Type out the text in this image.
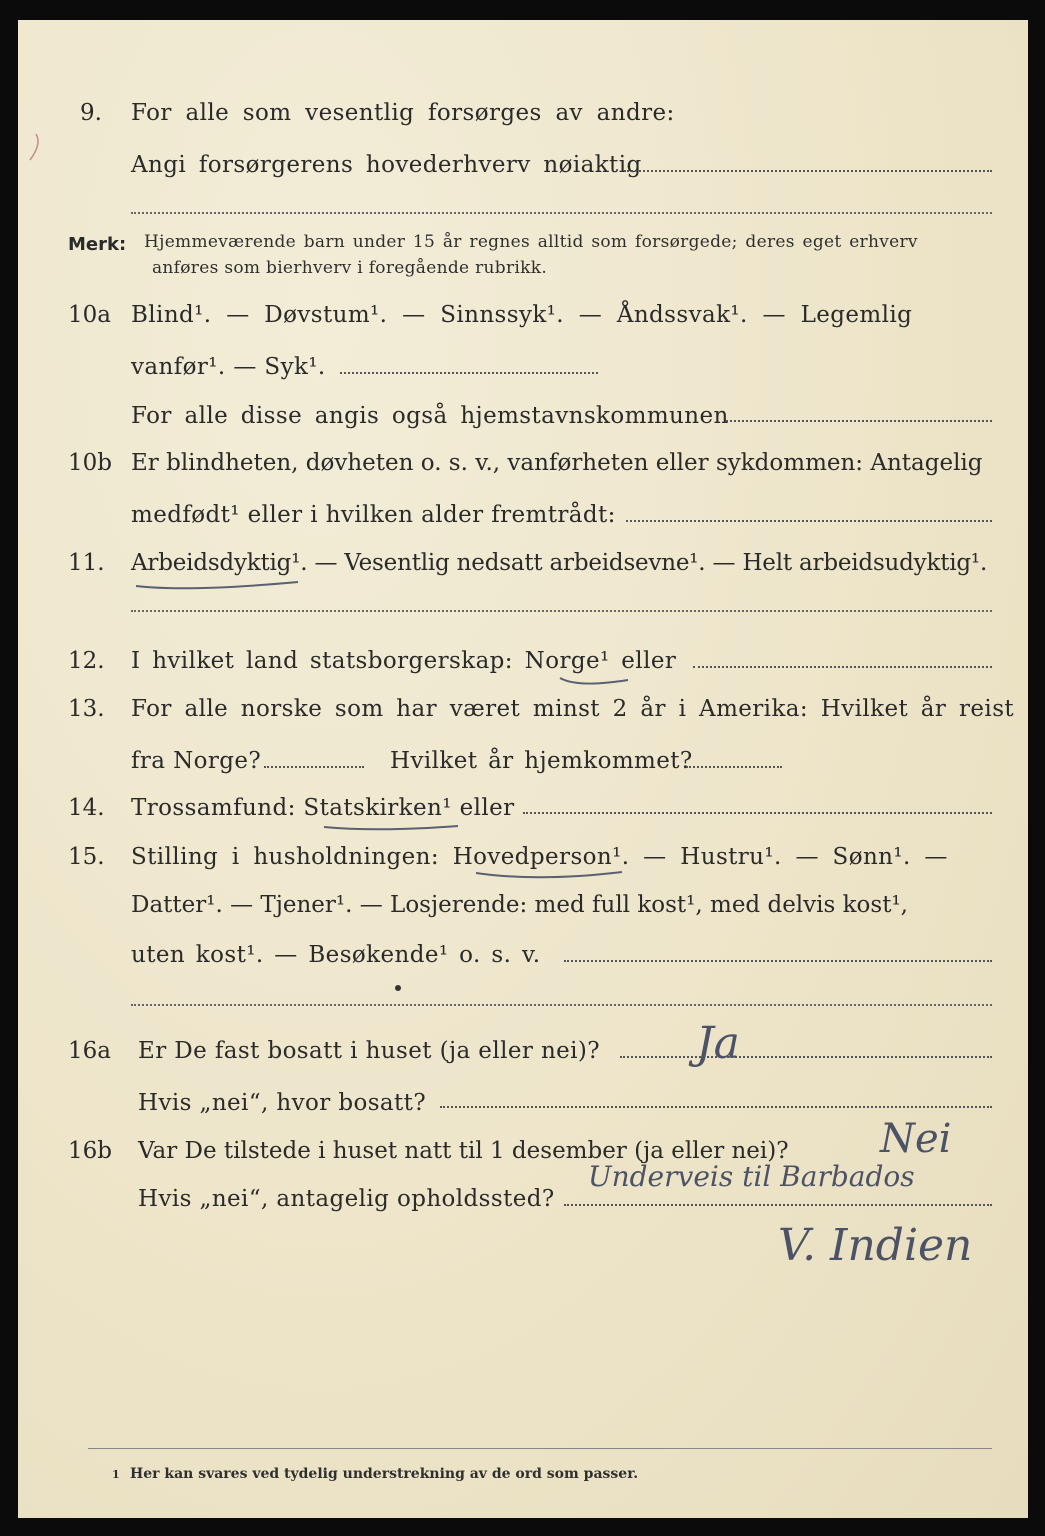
9. For alle som vesentlig forsørges av andre:
Angi forsørgerens hovederhverv nøiaktig
Merk: Hjemmeværende barn under 15 år regnes alltid som forsørgede; deres eget erhverv
anføres som bierhverv i foregående rubrikk.
10a Blind¹. — Døvstum¹. — Sinnssyk¹. — Åndssvak¹. — Legemlig
vanfør¹. — Syk¹.
For alle disse angis også hjemstavnskommunen
10b Er blindheten, døvheten o. s. v., vanførheten eller sykdommen: Antagelig
medfødt¹ eller i hvilken alder fremtrådt:
11. Arbeidsdyktig¹. — Vesentlig nedsatt arbeidsevne¹. — Helt arbeidsudyktig¹.
12. I hvilket land statsborgerskap: Norge¹ eller
13. For alle norske som har været minst 2 år i Amerika: Hvilket år reist
fra Norge?	Hvilket år hjemkommet?
14. Trossamfund: Statskirken¹ eller
15. Stilling i husholdningen: Hovedperson¹. — Hustru¹. — Sønn¹. —
Datter¹. — Tjener¹. — Losjerende: med full kost¹, med delvis kost¹,
uten kost¹. — Besøkende¹ o. s. v.
16a Er De fast bosatt i huset (ja eller nei)? Ja
Hvis „nei“, hvor bosatt?
16b Var De tilstede i huset natt til 1 desember (ja eller nei)? Nei
Hvis „nei“, antagelig opholdssted?
Underveis til Barbados
V. Indien
1 Her kan svares ved tydelig understrekning av de ord som passer.
